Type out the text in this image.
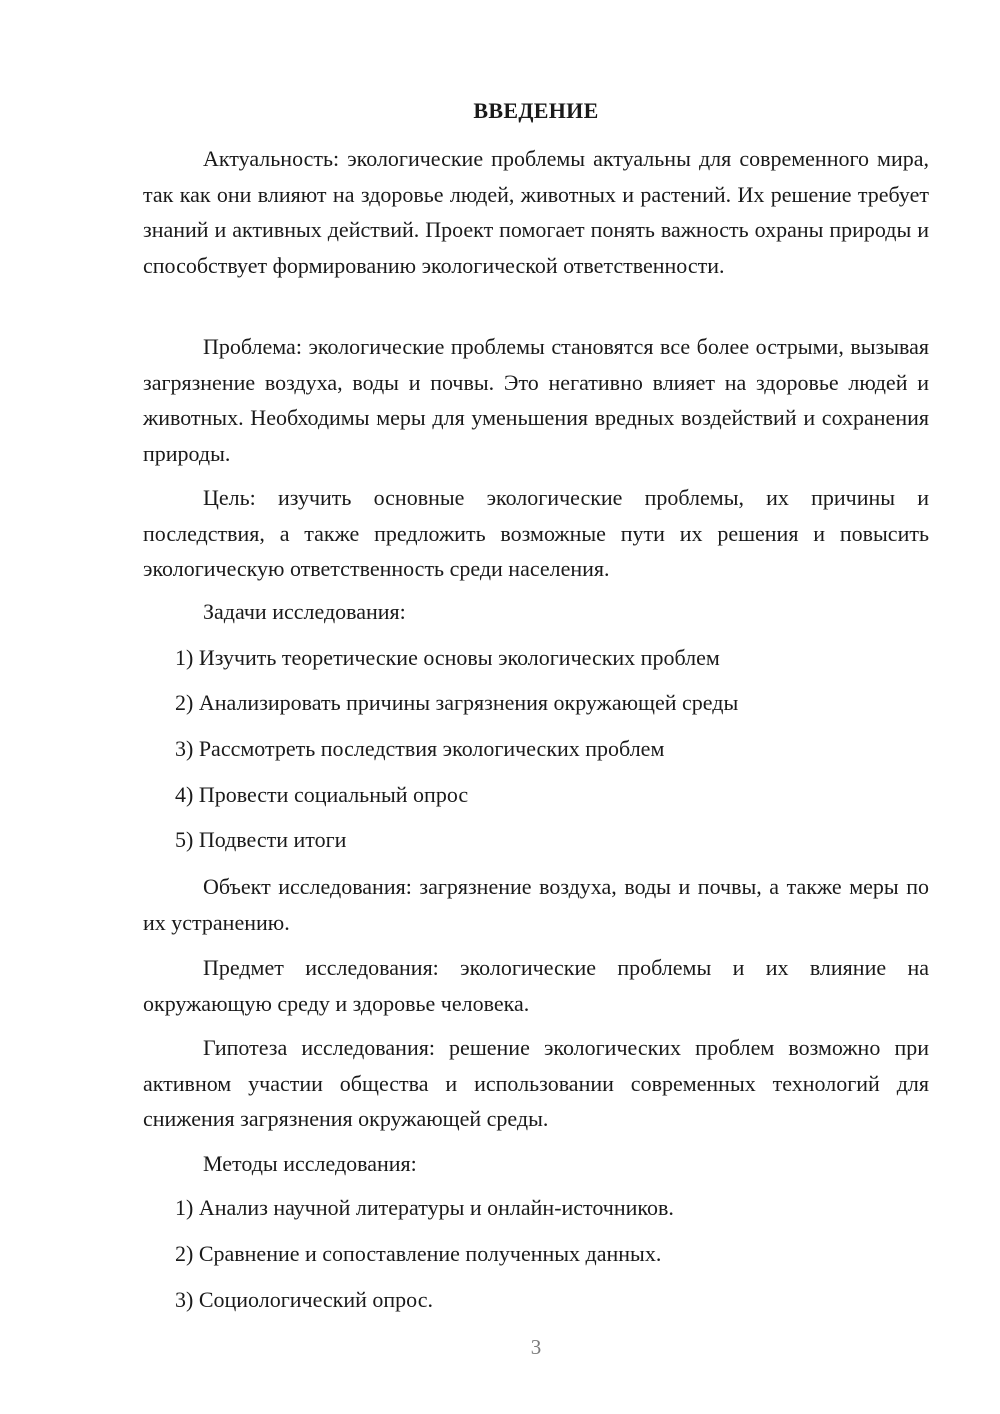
ВВЕДЕНИЕ

Актуальность: экологические проблемы актуальны для современного мира, так как они влияют на здоровье людей, животных и растений. Их решение требует знаний и активных действий. Проект помогает понять важность охраны природы и способствует формированию экологической ответственности.

Проблема: экологические проблемы становятся все более острыми, вызывая загрязнение воздуха, воды и почвы. Это негативно влияет на здоровье людей и животных. Необходимы меры для уменьшения вредных воздействий и сохранения природы.

Цель: изучить основные экологические проблемы, их причины и последствия, а также предложить возможные пути их решения и повысить экологическую ответственность среди населения.

Задачи исследования:
1) Изучить теоретические основы экологических проблем
2) Анализировать причины загрязнения окружающей среды
3) Рассмотреть последствия экологических проблем
4) Провести социальный опрос
5) Подвести итоги

Объект исследования: загрязнение воздуха, воды и почвы, а также меры по их устранению.

Предмет исследования: экологические проблемы и их влияние на окружающую среду и здоровье человека.

Гипотеза исследования: решение экологических проблем возможно при активном участии общества и использовании современных технологий для снижения загрязнения окружающей среды.

Методы исследования:
1) Анализ научной литературы и онлайн-источников.
2) Сравнение и сопоставление полученных данных.
3) Социологический опрос.
3
